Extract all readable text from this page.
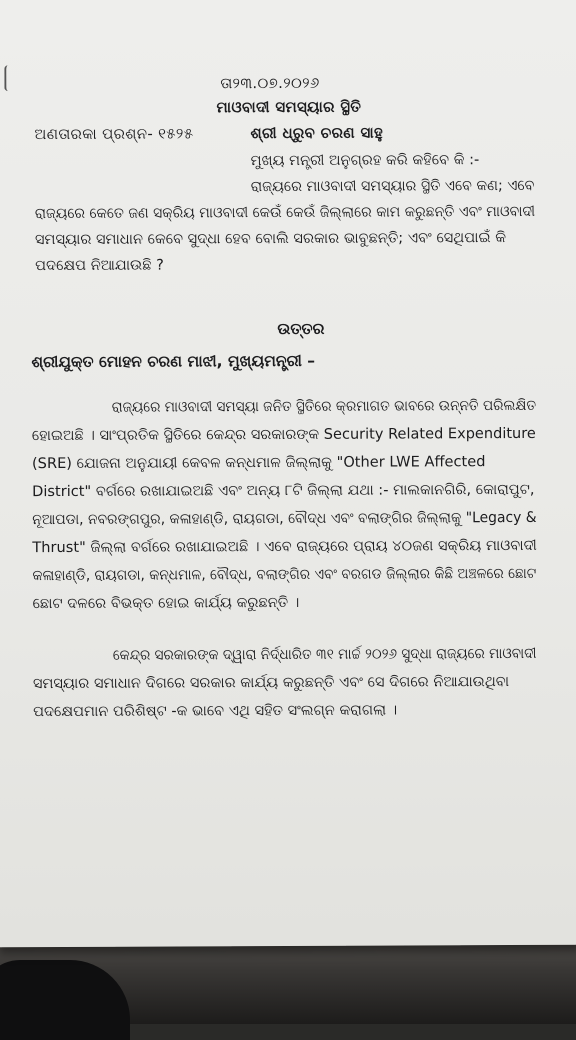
ତା୨୩.୦୭.୨୦୨୬
ମାଓବାଦୀ ସମସ୍ୟାର ସ୍ଥିତି
ଅଣତାରକା ପ୍ରଶ୍ନ- ୧୫୨୫	ଶ୍ରୀ ଧ୍ରୁବ ଚରଣ ସାହୁ
ମୁଖ୍ୟ ମନ୍ତ୍ରୀ ଅନୁଗ୍ରହ କରି କହିବେ କି :-
ରାଜ୍ୟରେ ମାଓବାଦୀ ସମସ୍ୟାର ସ୍ଥିତି ଏବେ କଣ; ଏବେ
ରାଜ୍ୟରେ କେତେ ଜଣ ସକ୍ରିୟ ମାଓବାଦୀ କେଉଁ କେଉଁ ଜିଲ୍ଲାରେ କାମ କରୁଛନ୍ତି ଏବଂ ମାଓବାଦୀ
ସମସ୍ୟାର ସମାଧାନ କେବେ ସୁଦ୍ଧା ହେବ ବୋଲି ସରକାର ଭାବୁଛନ୍ତି; ଏବଂ ସେଥିପାଇଁ କି
ପଦକ୍ଷେପ ନିଆଯାଉଛି ?
ଉତ୍ତର
ଶ୍ରୀଯୁକ୍ତ ମୋହନ ଚରଣ ମାଝୀ, ମୁଖ୍ୟମନ୍ତ୍ରୀ –
ରାଜ୍ୟରେ ମାଓବାଦୀ ସମସ୍ୟା ଜନିତ ସ୍ଥିତିରେ କ୍ରମାଗତ ଭାବରେ ଉନ୍ନତି ପରିଲକ୍ଷିତ
ହୋଇଅଛି । ସାଂପ୍ରତିକ ସ୍ଥିତିରେ କେନ୍ଦ୍ର ସରକାରଙ୍କ Security Related Expenditure
(SRE) ଯୋଜନା ଅନୁଯାୟୀ କେବଳ କନ୍ଧମାଳ ଜିଲ୍ଲାକୁ "Other LWE Affected
District" ବର୍ଗରେ ରଖାଯାଇଅଛି ଏବଂ ଅନ୍ୟ ୮ଟି ଜିଲ୍ଲା ଯଥା :- ମାଲକାନଗିରି, କୋରାପୁଟ,
ନୂଆପଡା, ନବରଙ୍ଗପୁର, କଳାହାଣ୍ଡି, ରାୟଗଡା, ବୌଦ୍ଧ ଏବଂ ବଲାଙ୍ଗିର ଜିଲ୍ଲାକୁ "Legacy &
Thrust" ଜିଲ୍ଲା ବର୍ଗରେ ରଖାଯାଇଅଛି । ଏବେ ରାଜ୍ୟରେ ପ୍ରାୟ ୪୦ଜଣ ସକ୍ରିୟ ମାଓବାଦୀ
କଳାହାଣ୍ଡି, ରାୟଗଡା, କନ୍ଧମାଳ, ବୌଦ୍ଧ, ବଲାଙ୍ଗିର ଏବଂ ବରଗଡ ଜିଲ୍ଲାର କିଛି ଅଞ୍ଚଳରେ ଛୋଟ
ଛୋଟ ଦଳରେ ବିଭକ୍ତ ହୋଇ କାର୍ଯ୍ୟ କରୁଛନ୍ତି ।
କେନ୍ଦ୍ର ସରକାରଙ୍କ ଦ୍ୱାରା ନିର୍ଦ୍ଧାରିତ ୩୧ ମାର୍ଚ୍ଚ ୨୦୨୬ ସୁଦ୍ଧା ରାଜ୍ୟରେ ମାଓବାଦୀ
ସମସ୍ୟାର ସମାଧାନ ଦିଗରେ ସରକାର କାର୍ଯ୍ୟ କରୁଛନ୍ତି ଏବଂ ସେ ଦିଗରେ ନିଆଯାଉଥିବା
ପଦକ୍ଷେପମାନ ପରିଶିଷ୍ଟ -କ ଭାବେ ଏଥି ସହିତ ସଂଲଗ୍ନ କରାଗଲା ।
